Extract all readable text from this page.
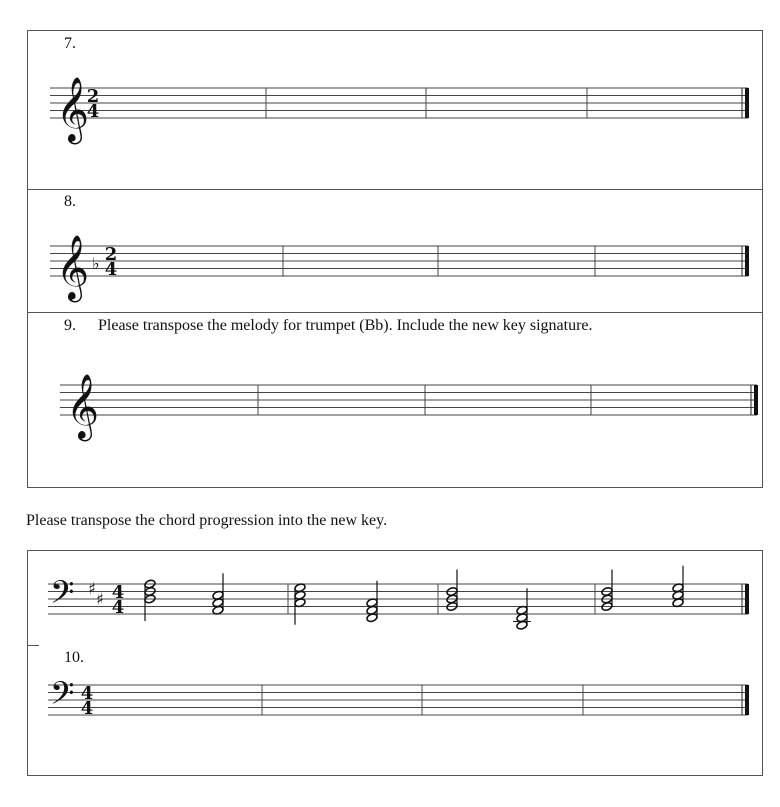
7.
8.
9. Please transpose the melody for trumpet (Bb). Include the new key signature.
𝄞
2
4
𝄞 ♭ 2
4
𝄞
Please transpose the chord progression into the new key.
10.
𝄢 ♯
♯ 4
4
𝄢 4
4
